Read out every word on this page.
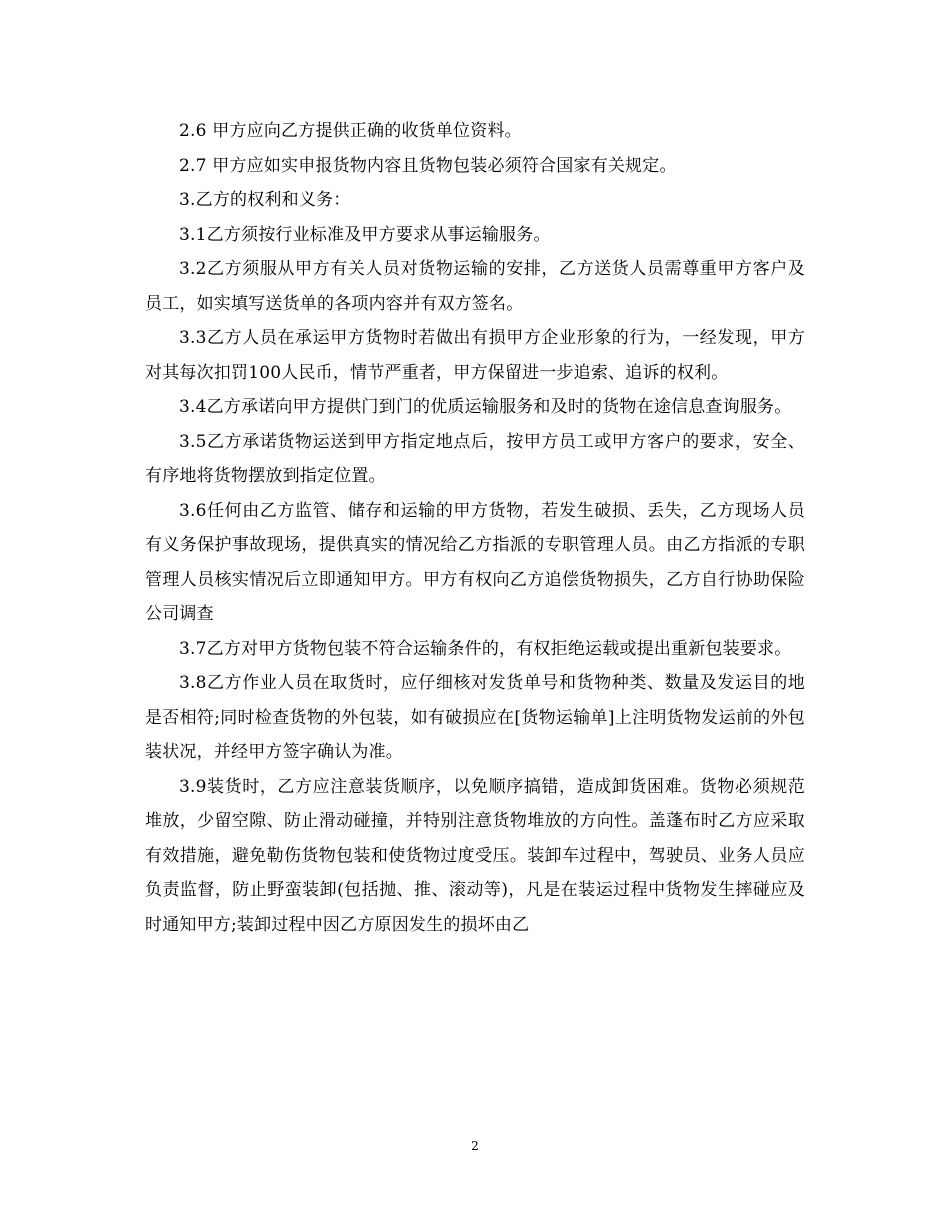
2.6 甲方应向乙方提供正确的收货单位资料。

2.7 甲方应如实申报货物内容且货物包装必须符合国家有关规定。

3.乙方的权利和义务：

3.1乙方须按行业标准及甲方要求从事运输服务。

3.2乙方须服从甲方有关人员对货物运输的安排，乙方送货人员需尊重甲方客户及员工，如实填写送货单的各项内容并有双方签名。

3.3乙方人员在承运甲方货物时若做出有损甲方企业形象的行为，一经发现，甲方对其每次扣罚100人民币，情节严重者，甲方保留进一步追索、追诉的权利。

3.4乙方承诺向甲方提供门到门的优质运输服务和及时的货物在途信息查询服务。

3.5乙方承诺货物运送到甲方指定地点后，按甲方员工或甲方客户的要求，安全、有序地将货物摆放到指定位置。

3.6任何由乙方监管、储存和运输的甲方货物，若发生破损、丢失，乙方现场人员有义务保护事故现场，提供真实的情况给乙方指派的专职管理人员。由乙方指派的专职管理人员核实情况后立即通知甲方。甲方有权向乙方追偿货物损失，乙方自行协助保险公司调查

3.7乙方对甲方货物包装不符合运输条件的，有权拒绝运载或提出重新包装要求。

3.8乙方作业人员在取货时，应仔细核对发货单号和货物种类、数量及发运目的地是否相符;同时检查货物的外包装，如有破损应在[货物运输单]上注明货物发运前的外包装状况，并经甲方签字确认为准。

3.9装货时，乙方应注意装货顺序，以免顺序搞错，造成卸货困难。货物必须规范堆放，少留空隙、防止滑动碰撞，并特别注意货物堆放的方向性。盖蓬布时乙方应采取有效措施，避免勒伤货物包装和使货物过度受压。装卸车过程中，驾驶员、业务人员应负责监督，防止野蛮装卸(包括抛、推、滚动等)，凡是在装运过程中货物发生摔碰应及时通知甲方;装卸过程中因乙方原因发生的损坏由乙

2
